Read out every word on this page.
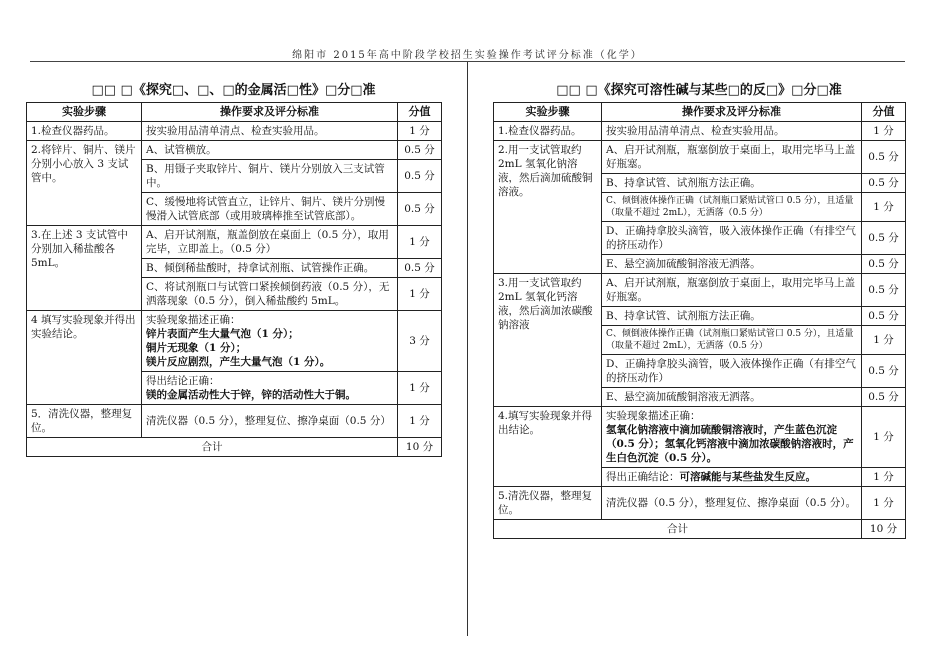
绵阳市 2015年高中阶段学校招生实验操作考试评分标准（化学）
□□ □《探究□、□、□的金属活□性》□分□准
实验步骤	操作要求及评分标准	分值
1.检查仪器药品。	按实验用品清单清点、检查实验用品。	1 分
2.将锌片、铜片、镁片分别小心放入 3 支试管中。	A、试管横放。	0.5 分
	B、用镊子夹取锌片、铜片、镁片分别放入三支试管中。	0.5 分
	C、缓慢地将试管直立，让锌片、铜片、镁片分别慢慢滑入试管底部（或用玻璃棒推至试管底部）。	0.5 分
3.在上述 3 支试管中分别加入稀盐酸各 5mL。	A、启开试剂瓶，瓶盖倒放在桌面上（0.5 分），取用完毕，立即盖上。（0.5 分）	1 分
	B、倾倒稀盐酸时，持拿试剂瓶、试管操作正确。	0.5 分
	C、将试剂瓶口与试管口紧挨倾倒药液（0.5 分），无洒落现象（0.5 分），倒入稀盐酸约 5mL。	1 分
4 填写实验现象并得出实验结论。	实验现象描述正确：
锌片表面产生大量气泡（1 分）；
铜片无现象（1 分）；
镁片反应剧烈，产生大量气泡（1 分）。	3 分

	得出结论正确：
镁的金属活动性大于锌，锌的活动性大于铜。	1 分
5．清洗仪器，整理复位。	清洗仪器（0.5 分），整理复位、擦净桌面（0.5 分）	1 分
合计		10 分
□□ □《探究可溶性碱与某些□的反□》□分□准
实验步骤	操作要求及评分标准	分值
1.检查仪器药品。	按实验用品清单清点、检查实验用品。	1 分
2.用一支试管取约 2mL 氢氧化钠溶液，然后滴加硫酸铜溶液。	A、启开试剂瓶，瓶塞倒放于桌面上，取用完毕马上盖好瓶塞。	0.5 分
	B、持拿试管、试剂瓶方法正确。	0.5 分
	C、倾倒液体操作正确（试剂瓶口紧贴试管口 0.5 分），且适量（取量不超过 2mL），无洒落（0.5 分）	1 分
	D、正确持拿胶头滴管，吸入液体操作正确（有排空气的挤压动作）	0.5 分
	E、悬空滴加硫酸铜溶液无洒落。	0.5 分
3.用一支试管取约 2mL 氢氧化钙溶液，然后滴加浓碳酸钠溶液	A、启开试剂瓶，瓶塞倒放于桌面上，取用完毕马上盖好瓶塞。	0.5 分
	B、持拿试管、试剂瓶方法正确。	0.5 分
	C、倾倒液体操作正确（试剂瓶口紧贴试管口 0.5 分），且适量（取量不超过 2mL），无洒落（0.5 分）	1 分
	D、正确持拿胶头滴管，吸入液体操作正确（有排空气的挤压动作）	0.5 分
	E、悬空滴加硫酸铜溶液无洒落。	0.5 分
4.填写实验现象并得出结论。	实验现象描述正确：
氢氧化钠溶液中滴加硫酸铜溶液时，产生蓝色沉淀（0.5 分）；氢氧化钙溶液中滴加浓碳酸钠溶液时，产生白色沉淀（0.5 分）。	1 分
	得出正确结论：可溶碱能与某些盐发生反应。	1 分
5.清洗仪器，整理复位。	清洗仪器（0.5 分），整理复位、擦净桌面（0.5 分）。	1 分
合计		10 分
